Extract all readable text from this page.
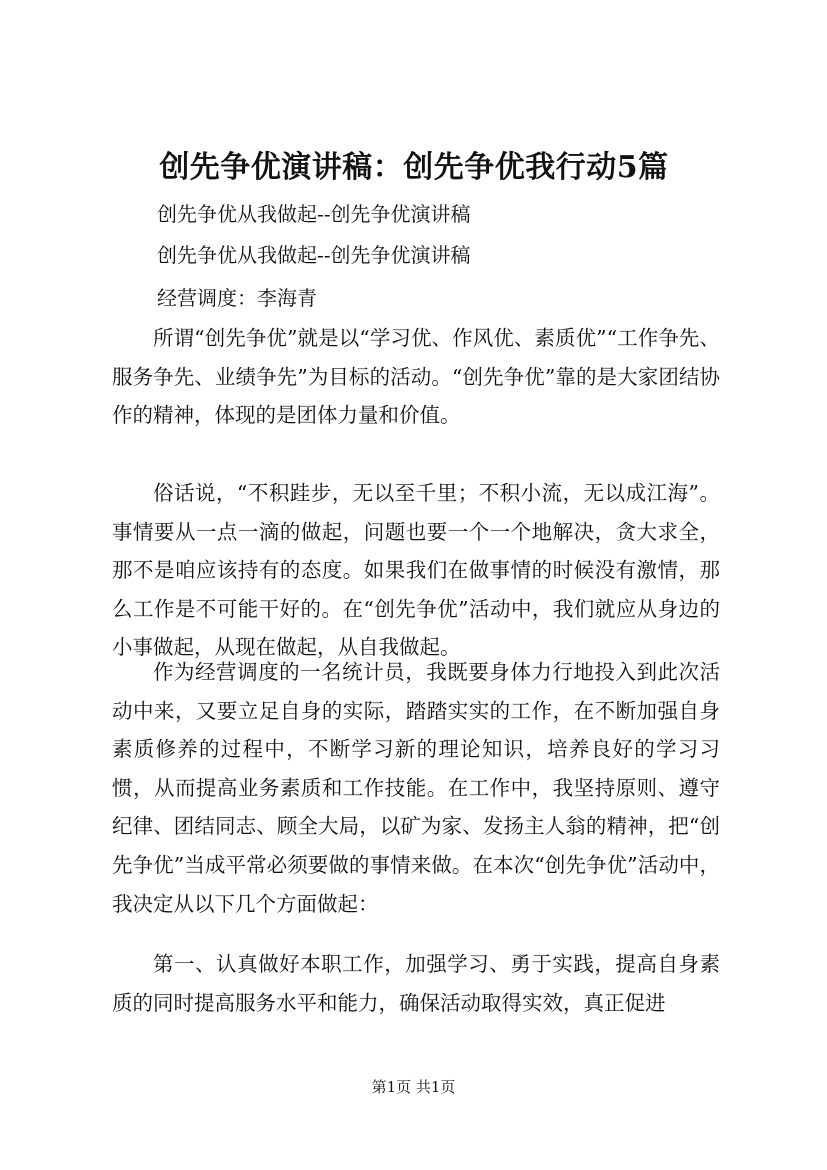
创先争优演讲稿：创先争优我行动5篇
创先争优从我做起--创先争优演讲稿
创先争优从我做起--创先争优演讲稿
经营调度：李海青

所谓“创先争优”就是以“学习优、作风优、素质优”“工作争先、服务争先、业绩争先”为目标的活动。“创先争优”靠的是大家团结协作的精神，体现的是团体力量和价值。

俗话说，“不积跬步，无以至千里；不积小流，无以成江海”。事情要从一点一滴的做起，问题也要一个一个地解决，贪大求全，那不是咱应该持有的态度。如果我们在做事情的时候没有激情，那么工作是不可能干好的。在“创先争优”活动中，我们就应从身边的小事做起，从现在做起，从自我做起。

作为经营调度的一名统计员，我既要身体力行地投入到此次活动中来，又要立足自身的实际，踏踏实实的工作，在不断加强自身素质修养的过程中，不断学习新的理论知识，培养良好的学习习惯，从而提高业务素质和工作技能。在工作中，我坚持原则、遵守纪律、团结同志、顾全大局，以矿为家、发扬主人翁的精神，把“创先争优”当成平常必须要做的事情来做。在本次“创先争优”活动中，我决定从以下几个方面做起：

第一、认真做好本职工作，加强学习、勇于实践，提高自身素质的同时提高服务水平和能力，确保活动取得实效，真正促进

第1页 共1页
